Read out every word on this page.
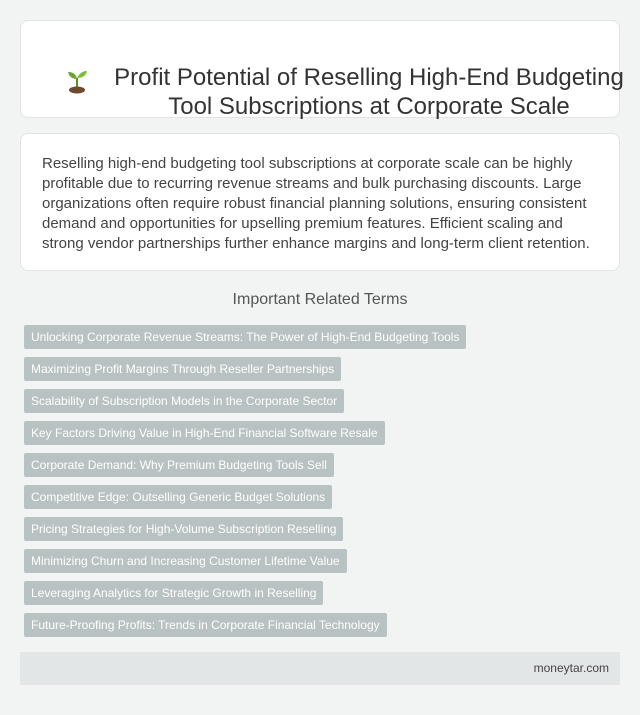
Profit Potential of Reselling High-End Budgeting Tool Subscriptions at Corporate Scale

Reselling high-end budgeting tool subscriptions at corporate scale can be highly profitable due to recurring revenue streams and bulk purchasing discounts. Large organizations often require robust financial planning solutions, ensuring consistent demand and opportunities for upselling premium features. Efficient scaling and strong vendor partnerships further enhance margins and long-term client retention.

Important Related Terms
Unlocking Corporate Revenue Streams: The Power of High-End Budgeting Tools
Maximizing Profit Margins Through Reseller Partnerships
Scalability of Subscription Models in the Corporate Sector
Key Factors Driving Value in High-End Financial Software Resale
Corporate Demand: Why Premium Budgeting Tools Sell
Competitive Edge: Outselling Generic Budget Solutions
Pricing Strategies for High-Volume Subscription Reselling
Minimizing Churn and Increasing Customer Lifetime Value
Leveraging Analytics for Strategic Growth in Reselling
Future-Proofing Profits: Trends in Corporate Financial Technology
moneytar.com
